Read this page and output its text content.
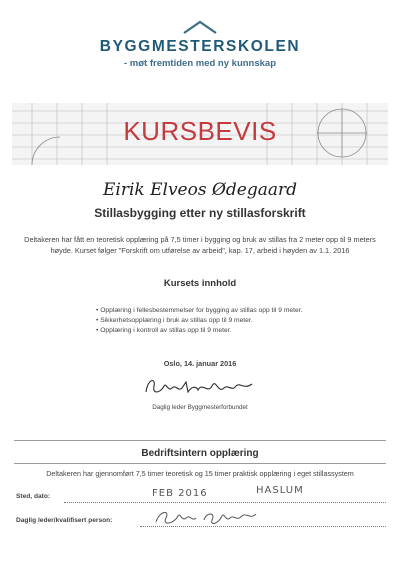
BYGGMESTERSKOLEN
- møt fremtiden med ny kunnskap
KURSBEVIS
Eirik Elveos Ødegaard
Stillasbygging etter ny stillasforskrift
Deltakeren har fått en teoretisk opplæring på 7,5 timer i bygging og bruk av stillas fra 2 meter opp til 9 meters høyde. Kurset følger "Forskrift om utførelse av arbeid", kap. 17, arbeid i høyden av 1.1. 2016
Kursets innhold
• Opplæring i fellesbestemmelser for bygging av stillas opp til 9 meter.
• Sikkerhetsopplæring i bruk av stillas opp til 9 meter.
• Opplæring i kontroll av stillas opp til 9 meter.
Oslo, 14. januar 2016
Daglig leder Byggmesterforbundet
Bedriftsintern opplæring
Deltakeren har gjennomført 7,5 timer teoretisk og 15 timer praktisk opplæring i eget stillassystem
Sted, dato:	FEB 2016	HASLUM
Daglig leder/kvalifisert person:
